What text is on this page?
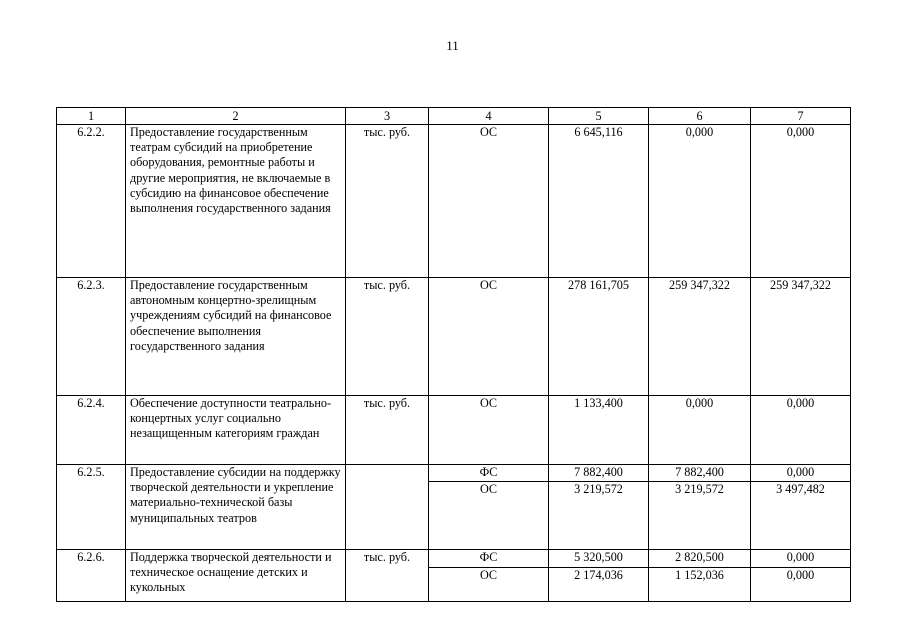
11
1	2	3	4	5	6	7
6.2.2.	Предоставление государственным театрам субсидий на приобретение оборудования, ремонтные работы и другие мероприятия, не включаемые в субсидию на финансовое обеспечение выполнения государственного задания	тыс. руб.	ОС	6 645,116	0,000	0,000
6.2.3.	Предоставление государственным автономным концертно-зрелищным учреждениям субсидий на финансовое обеспечение выполнения государственного задания	тыс. руб.	ОС	278 161,705	259 347,322	259 347,322
6.2.4.	Обеспечение доступности театрально-концертных услуг социально незащищенным категориям граждан	тыс. руб.	ОС	1 133,400	0,000	0,000
6.2.5.	Предоставление субсидии на поддержку творческой деятельности и укрепление материально-технической базы муниципальных театров		ФС	7 882,400	7 882,400	0,000
			ОС	3 219,572	3 219,572	3 497,482
6.2.6.	Поддержка творческой деятельности и техническое оснащение детских и кукольных	тыс. руб.	ФС	5 320,500	2 820,500	0,000
			ОС	2 174,036	1 152,036	0,000
